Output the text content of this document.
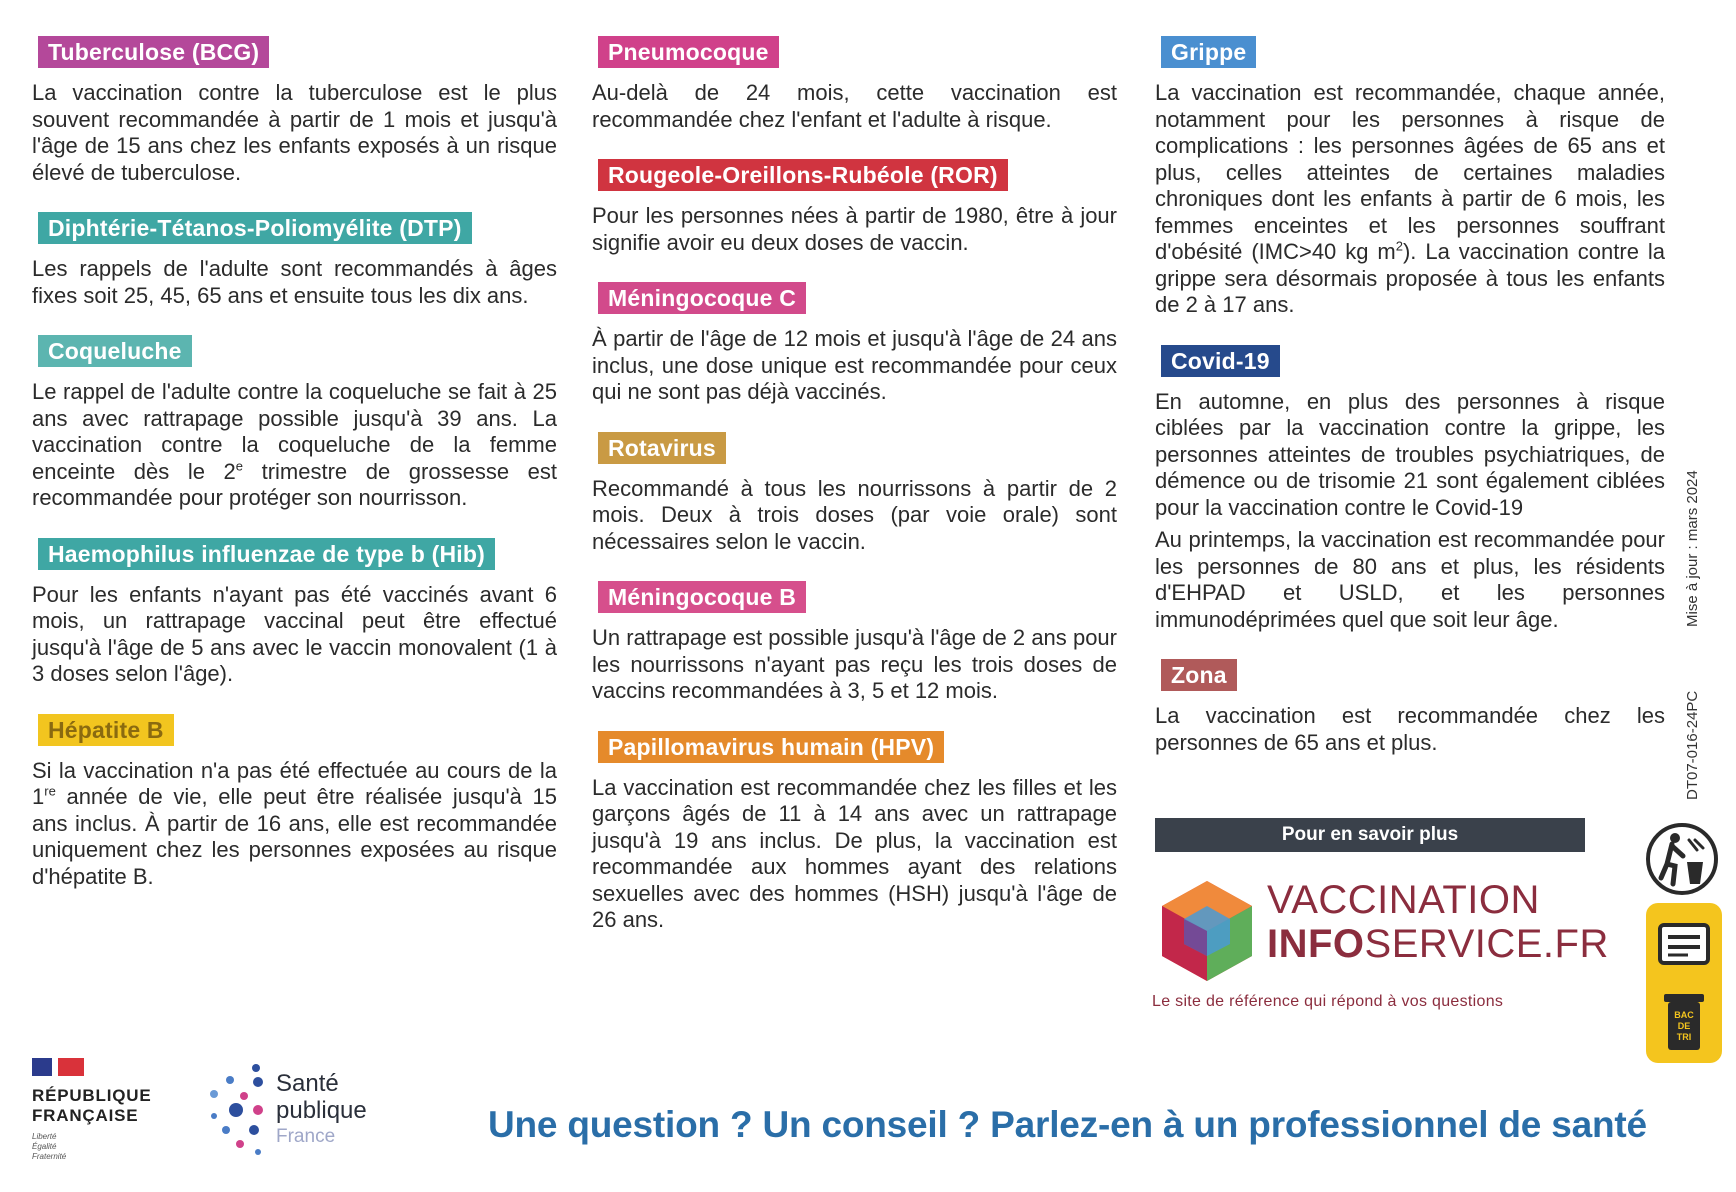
Tuberculose (BCG)

La vaccination contre la tuberculose est le plus souvent recommandée à partir de 1 mois et jusqu'à l'âge de 15 ans chez les enfants exposés à un risque élevé de tuberculose.

Diphtérie-Tétanos-Poliomyélite (DTP)

Les rappels de l'adulte sont recommandés à âges fixes soit 25, 45, 65 ans et ensuite tous les dix ans.

Coqueluche

Le rappel de l'adulte contre la coqueluche se fait à 25 ans avec rattrapage possible jusqu'à 39 ans. La vaccination contre la coqueluche de la femme enceinte dès le 2e trimestre de grossesse est recommandée pour protéger son nourrisson.

Haemophilus influenzae de type b (Hib)

Pour les enfants n'ayant pas été vaccinés avant 6 mois, un rattrapage vaccinal peut être effectué jusqu'à l'âge de 5 ans avec le vaccin monovalent (1 à 3 doses selon l'âge).

Hépatite B

Si la vaccination n'a pas été effectuée au cours de la 1re année de vie, elle peut être réalisée jusqu'à 15 ans inclus. À partir de 16 ans, elle est recommandée uniquement chez les personnes exposées au risque d'hépatite B.

Pneumocoque

Au-delà de 24 mois, cette vaccination est recommandée chez l'enfant et l'adulte à risque.

Rougeole-Oreillons-Rubéole (ROR)

Pour les personnes nées à partir de 1980, être à jour signifie avoir eu deux doses de vaccin.

Méningocoque C

À partir de l'âge de 12 mois et jusqu'à l'âge de 24 ans inclus, une dose unique est recommandée pour ceux qui ne sont pas déjà vaccinés.

Rotavirus

Recommandé à tous les nourrissons à partir de 2 mois. Deux à trois doses (par voie orale) sont nécessaires selon le vaccin.

Méningocoque B

Un rattrapage est possible jusqu'à l'âge de 2 ans pour les nourrissons n'ayant pas reçu les trois doses de vaccins recommandées à 3, 5 et 12 mois.

Papillomavirus humain (HPV)

La vaccination est recommandée chez les filles et les garçons âgés de 11 à 14 ans avec un rattrapage jusqu'à 19 ans inclus. De plus, la vaccination est recommandée aux hommes ayant des relations sexuelles avec des hommes (HSH) jusqu'à l'âge de 26 ans.

Grippe

La vaccination est recommandée, chaque année, notamment pour les personnes à risque de complications : les personnes âgées de 65 ans et plus, celles atteintes de certaines maladies chroniques dont les enfants à partir de 6 mois, les femmes enceintes et les personnes souffrant d'obésité (IMC>40 kg $m^2$). La vaccination contre la grippe sera désormais proposée à tous les enfants de 2 à 17 ans.

Covid-19

En automne, en plus des personnes à risque ciblées par la vaccination contre la grippe, les personnes atteintes de troubles psychiatriques, de démence ou de trisomie 21 sont également ciblées pour la vaccination contre le Covid-19

Au printemps, la vaccination est recommandée pour les personnes de 80 ans et plus, les résidents d'EHPAD et USLD, et les personnes immunodéprimées quel que soit leur âge.

Zona

La vaccination est recommandée chez les personnes de 65 ans et plus.

Pour en savoir plus
VACCINATION
INFOSERVICE.FR
Le site de référence qui répond à vos questions
Mise à jour : mars 2024
DT07-016-24PC
BAC
DE
TRI
RÉPUBLIQUE
FRANÇAISE
Liberté
Égalité
Fraternité
Santé
publique
France	Une question ? Un conseil ? Parlez-en à un professionnel de santé
